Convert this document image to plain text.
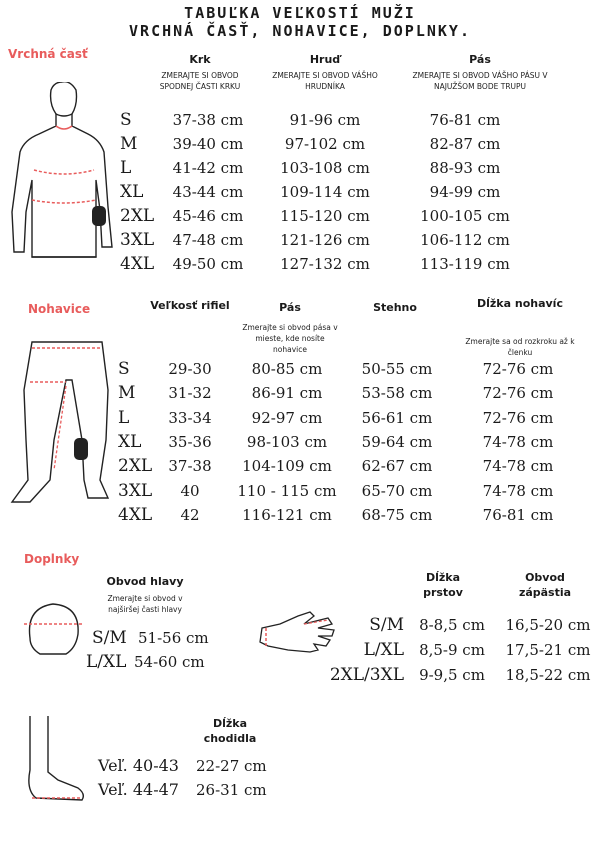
TABUĽKA VEĽKOSTÍ MUŽI
VRCHNÁ ČASŤ, NOHAVICE, DOPLNKY.
Vrchná časť	Krk
ZMERAJTE SI OBVOD SPODNEJ ČASTI KRKU
Hruď
ZMERAJTE SI OBVOD VÁŠHO HRUDNÍKA
Pás
ZMERAJTE SI OBVOD VÁŠHO PÁSU V NAJUŽŠOM BODE TRUPU
S	37-38 cm	91-96 cm	76-81 cm
M	39-40 cm	97-102 cm	82-87 cm
L	41-42 cm	103-108 cm	88-93 cm
XL	43-44 cm	109-114 cm	94-99 cm
2XL	45-46 cm	115-120 cm	100-105 cm
3XL	47-48 cm	121-126 cm	106-112 cm
4XL	49-50 cm	127-132 cm	113-119 cm
Nohavice	Veľkosť rifiel	Pás
Zmerajte si obvod pása v mieste, kde nosíte nohavice
Stehno	Dĺžka nohavíc
Zmerajte sa od rozkroku až k členku
S	29-30	80-85 cm	50-55 cm	72-76 cm
M	31-32	86-91 cm	53-58 cm	72-76 cm
L	33-34	92-97 cm	56-61 cm	72-76 cm
XL	35-36	98-103 cm	59-64 cm	74-78 cm
2XL	37-38	104-109 cm	62-67 cm	74-78 cm
3XL	40	110 - 115 cm	65-70 cm	74-78 cm
4XL	42	116-121 cm	68-75 cm	76-81 cm
Doplnky
Obvod hlavy
Zmerajte si obvod v najširšej časti hlavy
S/M 51-56 cm
L/XL 54-60 cm
Dĺžka prstov
Obvod zápästia
S/M	8-8,5 cm	16,5-20 cm
L/XL	8,5-9 cm	17,5-21 cm
2XL/3XL	9-9,5 cm	18,5-22 cm
Dĺžka chodidla
Veľ. 40-43 22-27 cm
Veľ. 44-47 26-31 cm
